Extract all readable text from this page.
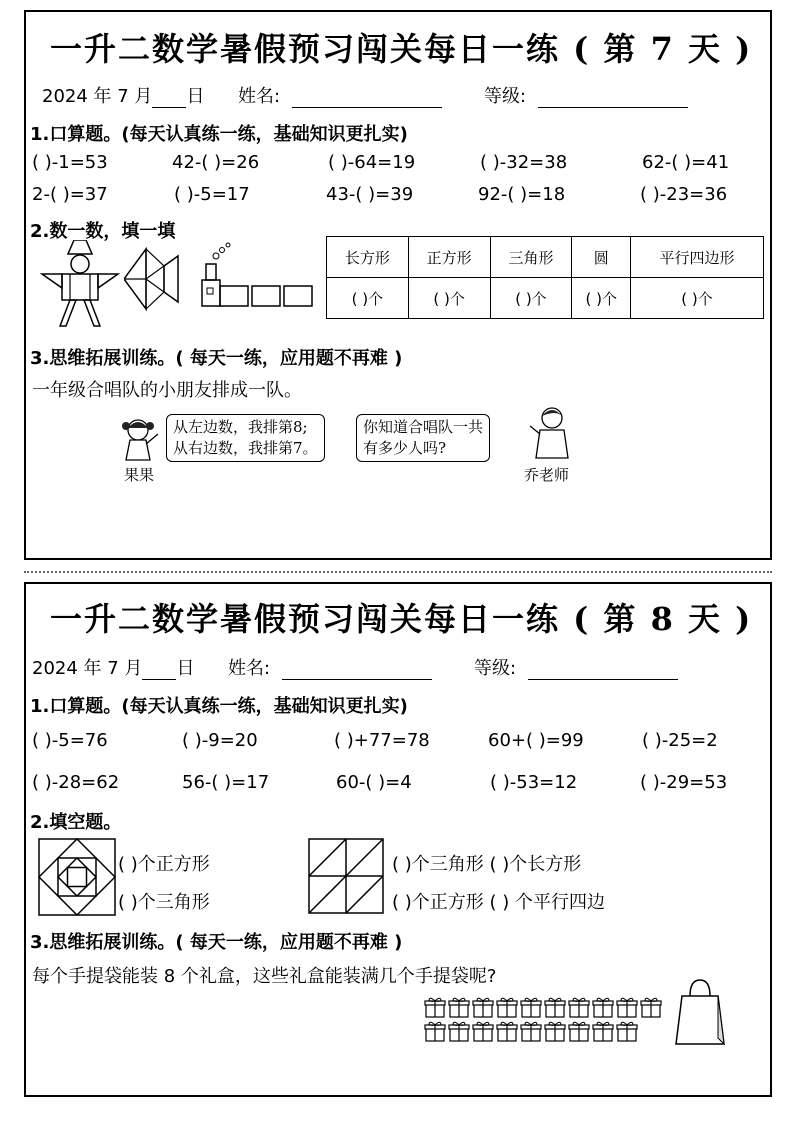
一升二数学暑假预习闯关每日一练 ( 第 7 天 )
2024 年 7 月 日 姓名:	等级:
1.口算题。(每天认真练一练，基础知识更扎实)
( )-1=53	42-( )=26	( )-64=19	( )-32=38	62-( )=41
2-( )=37	( )-5=17	43-( )=39	92-( )=18	( )-23=36
2.数一数，填一填
长方形	正方形	三角形	圆	平行四边形
( )个	( )个	( )个	( )个	( )个
3.思维拓展训练。( 每天一练，应用题不再难 )
一年级合唱队的小朋友排成一队。
果果
从左边数，我排第8;
从右边数，我排第7。
你知道合唱队一共
有多少人吗?
乔老师
一升二数学暑假预习闯关每日一练 ( 第 8 天 )
2024 年 7 月 日 姓名:	等级:
1.口算题。(每天认真练一练，基础知识更扎实)
( )-5=76	( )-9=20	( )+77=78	60+( )=99	( )-25=2
( )-28=62	56-( )=17	60-( )=4	( )-53=12	( )-29=53
2.填空题。
( )个正方形
( )个三角形
( )个三角形 ( )个长方形
( )个正方形 ( ) 个平行四边
3.思维拓展训练。( 每天一练，应用题不再难 )
每个手提袋能装 8 个礼盒，这些礼盒能装满几个手提袋呢?
